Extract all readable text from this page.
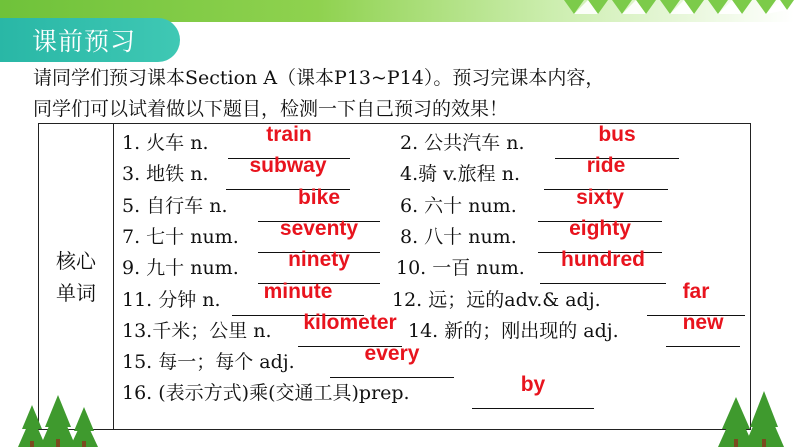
课前预习
请同学们预习课本Section A（课本P13~P14）。预习完课本内容，
同学们可以试着做以下题目，检测一下自己预习的效果！
核心
单词
1. 火车 n.	train	2. 公共汽车 n.	bus
3. 地铁 n.	subway	4.骑 v.旅程 n.	ride
5. 自行车 n.	bike	6. 六十 num.	sixty
7. 七十 num.	seventy	8. 八十 num.	eighty
9. 九十 num.	ninety	10. 一百 num.	hundred
11. 分钟 n.	minute	12. 远；远的adv.& adj.	far
13.千米；公里 n. kilometer 14. 新的；刚出现的 adj.	new
15. 每一；每个 adj.	every
16. (表示方式)乘(交通工具)prep.	by
